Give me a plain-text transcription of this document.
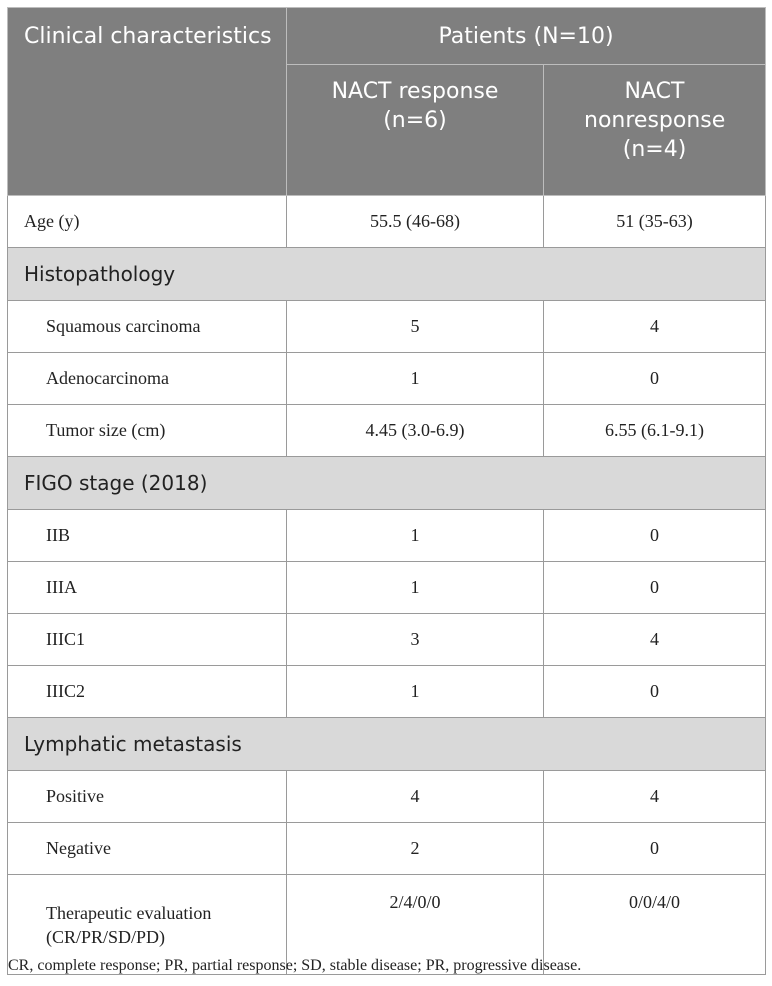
Clinical characteristics	Patients (N=10)	
	NACT response (n=6)	NACT nonresponse (n=4)
Age (y)	55.5 (46-68)	51 (35-63)
Histopathology		
Squamous carcinoma	5	4
Adenocarcinoma	1	0
Tumor size (cm)	4.45 (3.0-6.9)	6.55 (6.1-9.1)
FIGO stage (2018)		
IIB	1	0
IIIA	1	0
IIIC1	3	4
IIIC2	1	0
Lymphatic metastasis		
Positive	4	4
Negative	2	0
Therapeutic evaluation (CR/PR/SD/PD)	2/4/0/0	0/0/4/0
CR, complete response; PR, partial response; SD, stable disease; PR, progressive disease.
